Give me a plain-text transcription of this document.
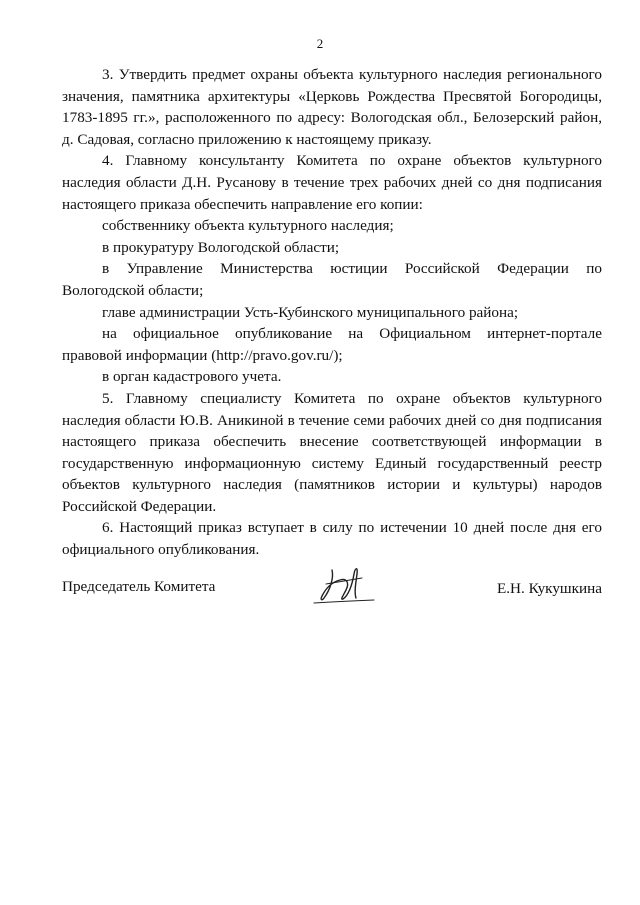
2

3. Утвердить предмет охраны объекта культурного наследия регионального значения, памятника архитектуры «Церковь Рождества Пресвятой Богородицы, 1783-1895 гг.», расположенного по адресу: Вологодская обл., Белозерский район, д. Садовая, согласно приложению к настоящему приказу.

4. Главному консультанту Комитета по охране объектов культурного наследия области Д.Н. Русанову в течение трех рабочих дней со дня подписания настоящего приказа обеспечить направление его копии:

собственнику объекта культурного наследия;

в прокуратуру Вологодской области;

в Управление Министерства юстиции Российской Федерации по Вологодской области;

главе администрации Усть-Кубинского муниципального района;

на официальное опубликование на Официальном интернет-портале правовой информации (http://pravo.gov.ru/);

в орган кадастрового учета.

5. Главному специалисту Комитета по охране объектов культурного наследия области Ю.В. Аникиной в течение семи рабочих дней со дня подписания настоящего приказа обеспечить внесение соответствующей информации в государственную информационную систему Единый государственный реестр объектов культурного наследия (памятников истории и культуры) народов Российской Федерации.

6. Настоящий приказ вступает в силу по истечении 10 дней после дня его официального опубликования.

Председатель Комитета	Е.Н. Кукушкина
